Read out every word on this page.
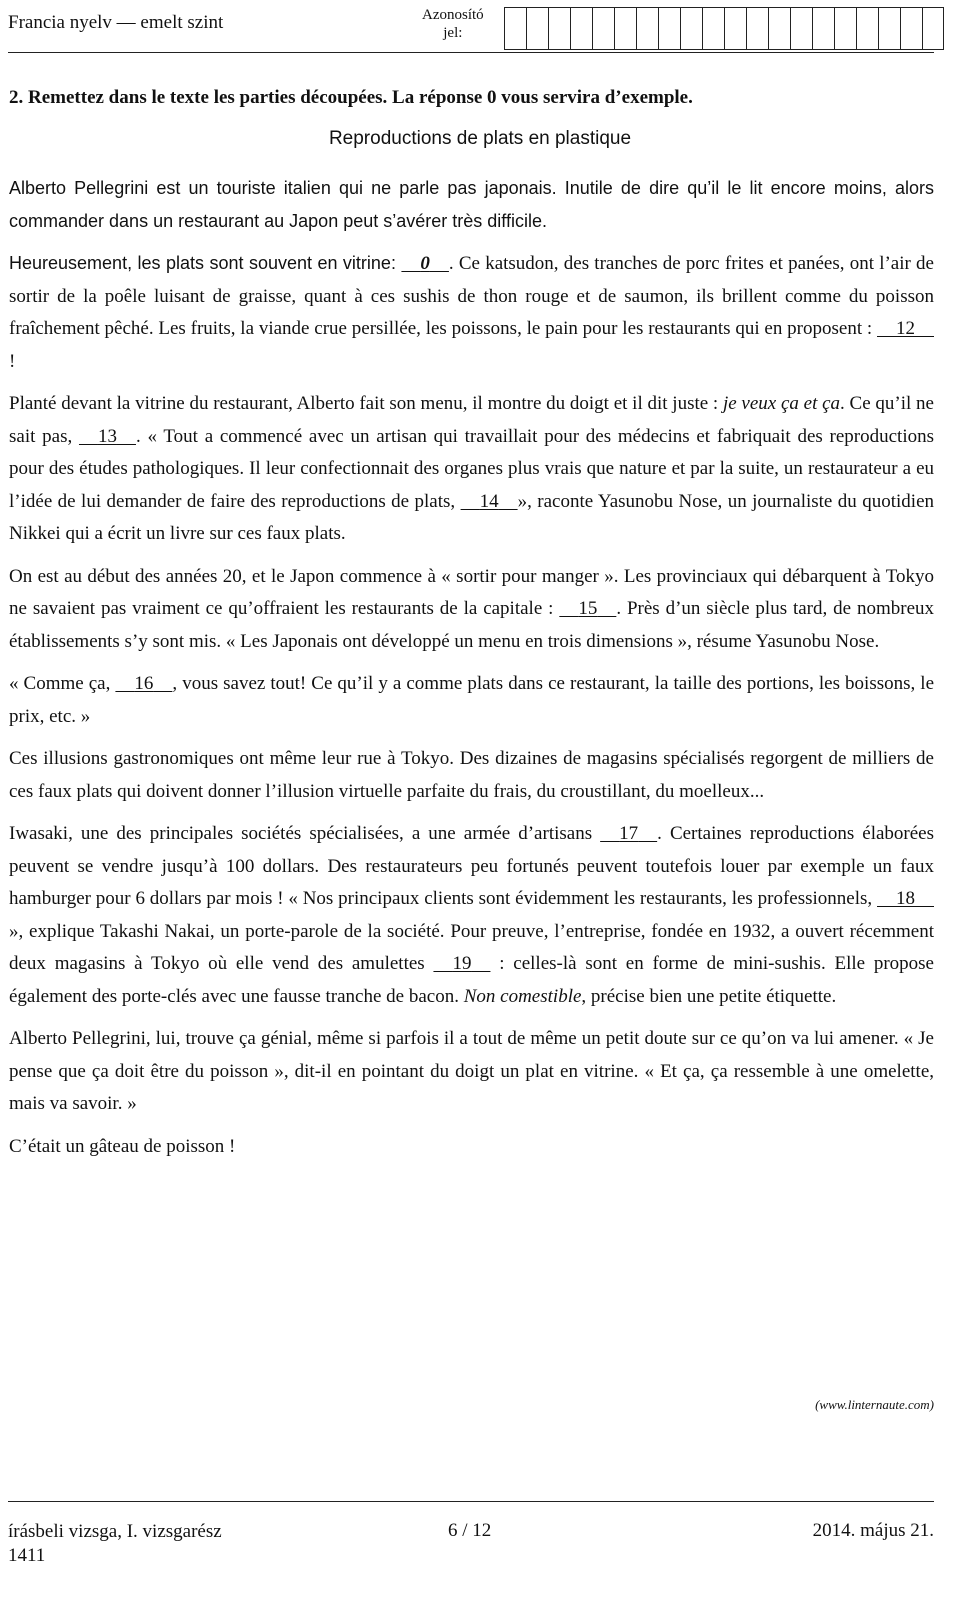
Francia nyelv — emelt szint	Azonosító
jel:
2. Remettez dans le texte les parties découpées. La réponse 0 vous servira d’exemple.
Reproductions de plats en plastique

Alberto Pellegrini est un touriste italien qui ne parle pas japonais. Inutile de dire qu’il le lit encore moins, alors commander dans un restaurant au Japon peut s’avérer très difficile.

Heureusement, les plats sont souvent en vitrine:     0 . Ce katsudon, des tranches de porc frites et panées, ont l’air de sortir de la poêle luisant de graisse, quant à ces sushis de thon rouge et de saumon, ils brillent comme du poisson fraîchement pêché. Les fruits, la viande crue persillée, les poissons, le pain pour les restaurants qui en proposent :     12    !

Planté devant la vitrine du restaurant, Alberto fait son menu, il montre du doigt et il dit juste : je veux ça et ça. Ce qu’il ne sait pas,     13 . « Tout a commencé avec un artisan qui travaillait pour des médecins et fabriquait des reproductions pour des études pathologiques. Il leur confectionnait des organes plus vrais que nature et par la suite, un restaurateur a eu l’idée de lui demander de faire des reproductions de plats,     14 », raconte Yasunobu Nose, un journaliste du quotidien Nikkei qui a écrit un livre sur ces faux plats.

On est au début des années 20, et le Japon commence à « sortir pour manger ». Les provinciaux qui débarquent à Tokyo ne savaient pas vraiment ce qu’offraient les restaurants de la capitale :     15 . Près d’un siècle plus tard, de nombreux établissements s’y sont mis. « Les Japonais ont développé un menu en trois dimensions », résume Yasunobu Nose.

« Comme ça,     16 , vous savez tout! Ce qu’il y a comme plats dans ce restaurant, la taille des portions, les boissons, le prix, etc. »

Ces illusions gastronomiques ont même leur rue à Tokyo. Des dizaines de magasins spécialisés regorgent de milliers de ces faux plats qui doivent donner l’illusion virtuelle parfaite du frais, du croustillant, du moelleux...

Iwasaki, une des principales sociétés spécialisées, a une armée d’artisans     17 . Certaines reproductions élaborées peuvent se vendre jusqu’à 100 dollars. Des restaurateurs peu fortunés peuvent toutefois louer par exemple un faux hamburger pour 6 dollars par mois ! « Nos principaux clients sont évidemment les restaurants, les professionnels,     18    », explique Takashi Nakai, un porte-parole de la société. Pour preuve, l’entreprise, fondée en 1932, a ouvert récemment deux magasins à Tokyo où elle vend des amulettes     19     : celles-là sont en forme de mini-sushis. Elle propose également des porte-clés avec une fausse tranche de bacon. Non comestible, précise bien une petite étiquette.

Alberto Pellegrini, lui, trouve ça génial, même si parfois il a tout de même un petit doute sur ce qu’on va lui amener. « Je pense que ça doit être du poisson », dit-il en pointant du doigt un plat en vitrine. « Et ça, ça ressemble à une omelette, mais va savoir. »

C’était un gâteau de poisson !

(www.linternaute.com)
írásbeli vizsga, I. vizsgarész
1411
6 / 12	2014. május 21.
